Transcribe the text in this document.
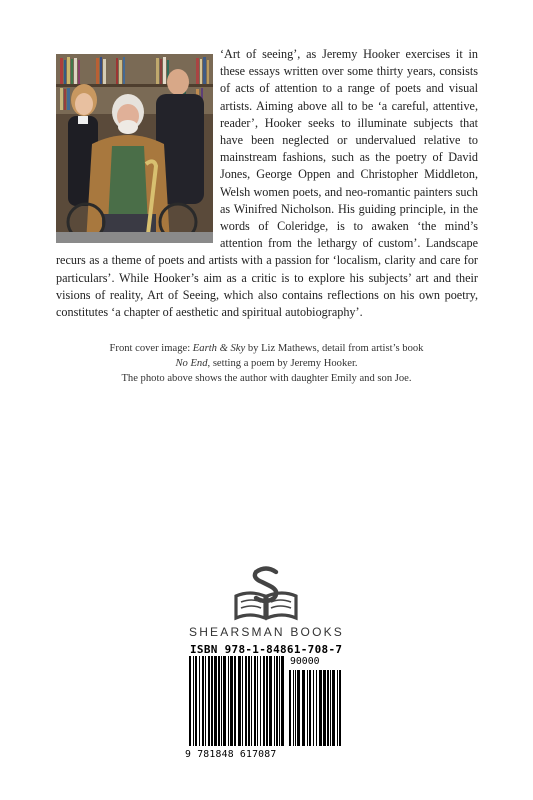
‘Art of seeing’, as Jeremy Hooker exercises it in these essays written over some thirty years, consists of acts of attention to a range of poets and visual artists. Aiming above all to be ‘a careful, attentive, reader’, Hooker seeks to illuminate subjects that have been neglected or undervalued relative to mainstream fashions, such as the poetry of David Jones, George Oppen and Christopher Middleton, Welsh women poets, and neo-romantic painters such as Winifred Nicholson. His guiding principle, in the words of Coleridge, is to awaken ‘the mind’s attention from the lethargy of custom’. Landscape recurs as a theme of poets and artists with a passion for ‘localism, clarity and care for particulars’. While Hooker’s aim as a critic is to explore his subjects’ art and their visions of reality, Art of Seeing, which also contains reflections on his own poetry, constitutes ‘a chapter of aesthetic and spiritual autobiography’.

Front cover image: Earth & Sky by Liz Mathews, detail from artist’s book
No End, setting a poem by Jeremy Hooker.
The photo above shows the author with daughter Emily and son Joe.
SHEARSMAN BOOKS
ISBN 978-1-84861-708-7
90000
9 781848 617087
